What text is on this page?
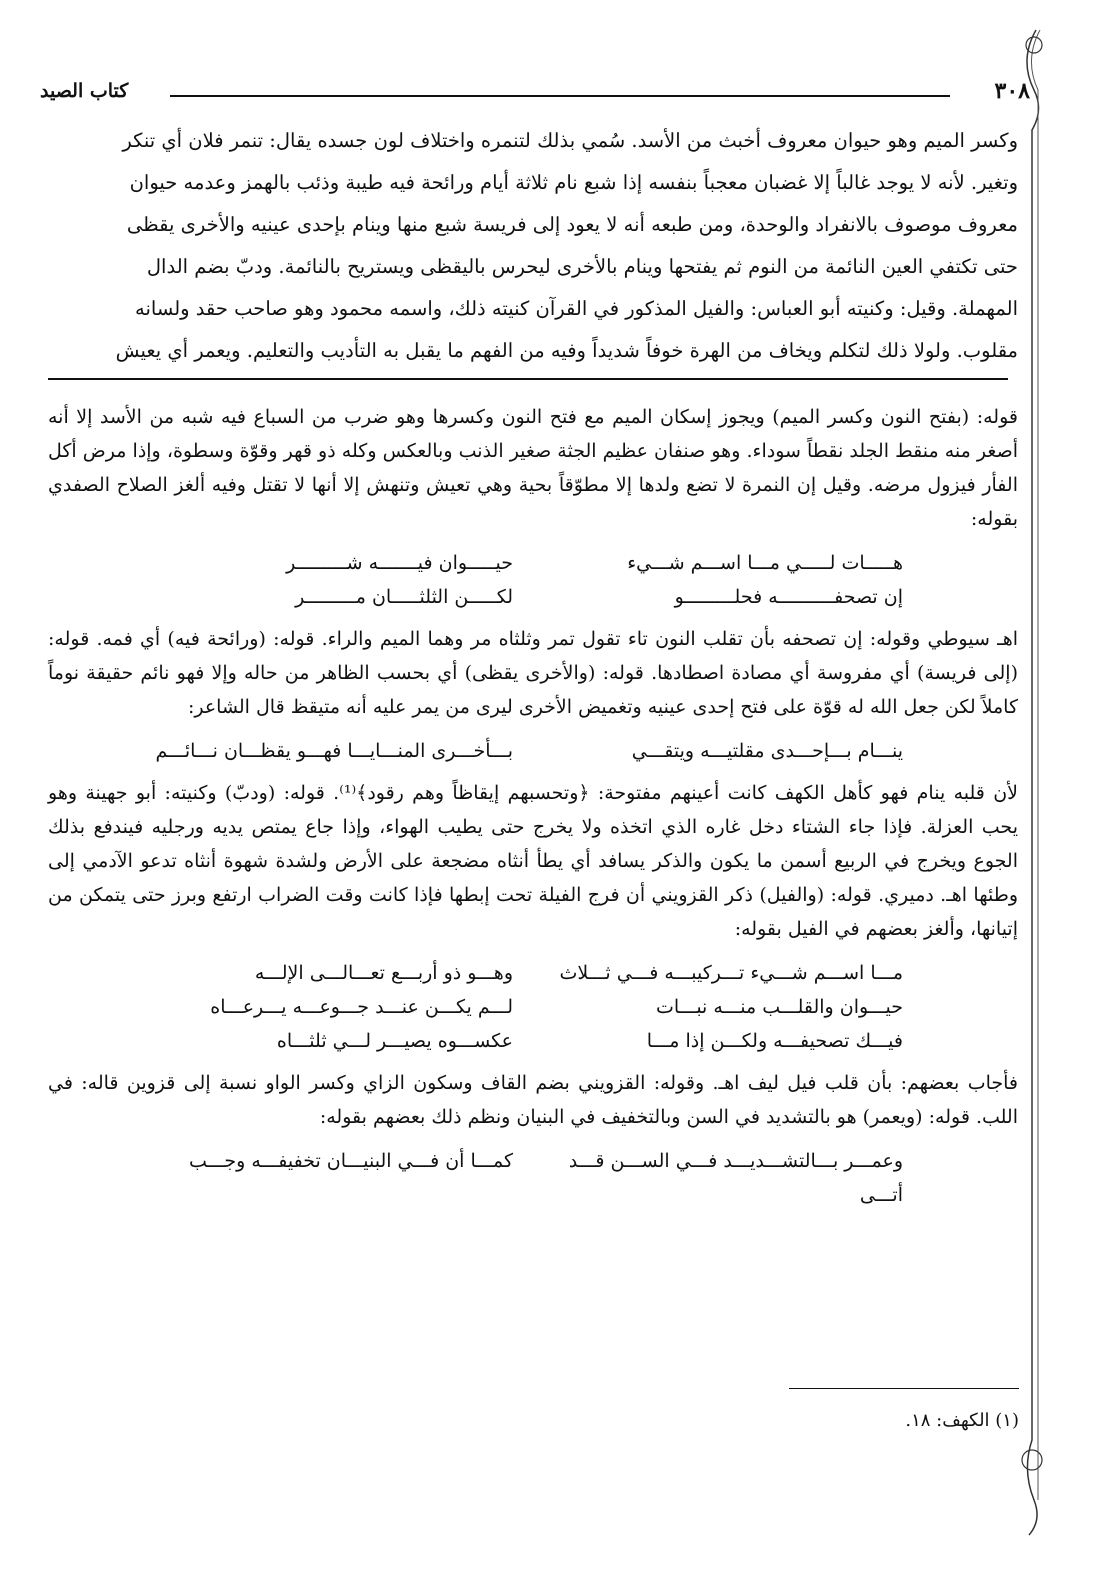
٣٠٨
كتاب الصيد

وكسر الميم وهو حيوان معروف أخبث من الأسد. سُمي بذلك لتنمره واختلاف لون جسده يقال: تنمر فلان أي تنكر

وتغير. لأنه لا يوجد غالباً إلا غضبان معجباً بنفسه إذا شبع نام ثلاثة أيام ورائحة فيه طيبة وذئب بالهمز وعدمه حيوان

معروف موصوف بالانفراد والوحدة، ومن طبعه أنه لا يعود إلى فريسة شبع منها وينام بإحدى عينيه والأخرى يقظى

حتى تكتفي العين النائمة من النوم ثم يفتحها وينام بالأخرى ليحرس باليقظى ويستريح بالنائمة. ودبّ بضم الدال

المهملة. وقيل: وكنيته أبو العباس: والفيل المذكور في القرآن كنيته ذلك، واسمه محمود وهو صاحب حقد ولسانه

مقلوب. ولولا ذلك لتكلم ويخاف من الهرة خوفاً شديداً وفيه من الفهم ما يقبل به التأديب والتعليم. ويعمر أي يعيش

قوله: (بفتح النون وكسر الميم) ويجوز إسكان الميم مع فتح النون وكسرها وهو ضرب من السباع فيه شبه من الأسد إلا أنه أصغر منه منقط الجلد نقطاً سوداء. وهو صنفان عظيم الجثة صغير الذنب وبالعكس وكله ذو قهر وقوّة وسطوة، وإذا مرض أكل الفأر فيزول مرضه. وقيل إن النمرة لا تضع ولدها إلا مطوّقاً بحية وهي تعيش وتنهش إلا أنها لا تقتل وفيه ألغز الصلاح الصفدي بقوله:

هـــــات لـــــي مـــا اســـم شـــيء
حيـــــوان فيـــــــه شـــــــــر
إن تصحفــــــــــه فحلـــــــــو
لكـــــن الثلثـــــان مـــــــــر

اهـ سيوطي وقوله: إن تصحفه بأن تقلب النون تاء تقول تمر وثلثاه مر وهما الميم والراء. قوله: (ورائحة فيه) أي فمه. قوله: (إلى فريسة) أي مفروسة أي مصادة اصطادها. قوله: (والأخرى يقظى) أي بحسب الظاهر من حاله وإلا فهو نائم حقيقة نوماً كاملاً لكن جعل الله له قوّة على فتح إحدى عينيه وتغميض الأخرى ليرى من يمر عليه أنه متيقظ قال الشاعر:

ينـــام بـــإحـــدى مقلتيـــه ويتقـــي
بـــأخـــرى المنـــايـــا فهـــو يقظـــان نـــائـــم

لأن قلبه ينام فهو كأهل الكهف كانت أعينهم مفتوحة: ﴿وتحسبهم إيقاظاً وهم رقود﴾⁽¹⁾. قوله: (ودبّ) وكنيته: أبو جهينة وهو يحب العزلة. فإذا جاء الشتاء دخل غاره الذي اتخذه ولا يخرج حتى يطيب الهواء، وإذا جاع يمتص يديه ورجليه فيندفع بذلك الجوع ويخرج في الربيع أسمن ما يكون والذكر يسافد أي يطأ أنثاه مضجعة على الأرض ولشدة شهوة أنثاه تدعو الآدمي إلى وطئها اهـ. دميري. قوله: (والفيل) ذكر القزويني أن فرج الفيلة تحت إبطها فإذا كانت وقت الضراب ارتفع وبرز حتى يتمكن من إتيانها، وألغز بعضهم في الفيل بقوله:

مـــا اســـم شـــيء تـــركيبـــه فـــي ثـــلاث
وهـــو ذو أربـــع تعـــالـــى الإلـــه
حيـــوان والقلـــب منـــه نبـــات
لـــم يكـــن عنـــد جـــوعـــه يـــرعـــاه
فيـــك تصحيفـــه ولكـــن إذا مـــا
عكســـوه يصيـــر لـــي ثلثـــاه

فأجاب بعضهم: بأن قلب فيل ليف اهـ. وقوله: القزويني بضم القاف وسكون الزاي وكسر الواو نسبة إلى قزوين قاله: في اللب. قوله: (ويعمر) هو بالتشديد في السن وبالتخفيف في البنيان ونظم ذلك بعضهم بقوله:

وعمـــر بـــالتشـــديـــد فـــي الســـن قـــد أتـــى
كمـــا أن فـــي البنيـــان تخفيفـــه وجـــب
(١) الكهف: ١٨.
